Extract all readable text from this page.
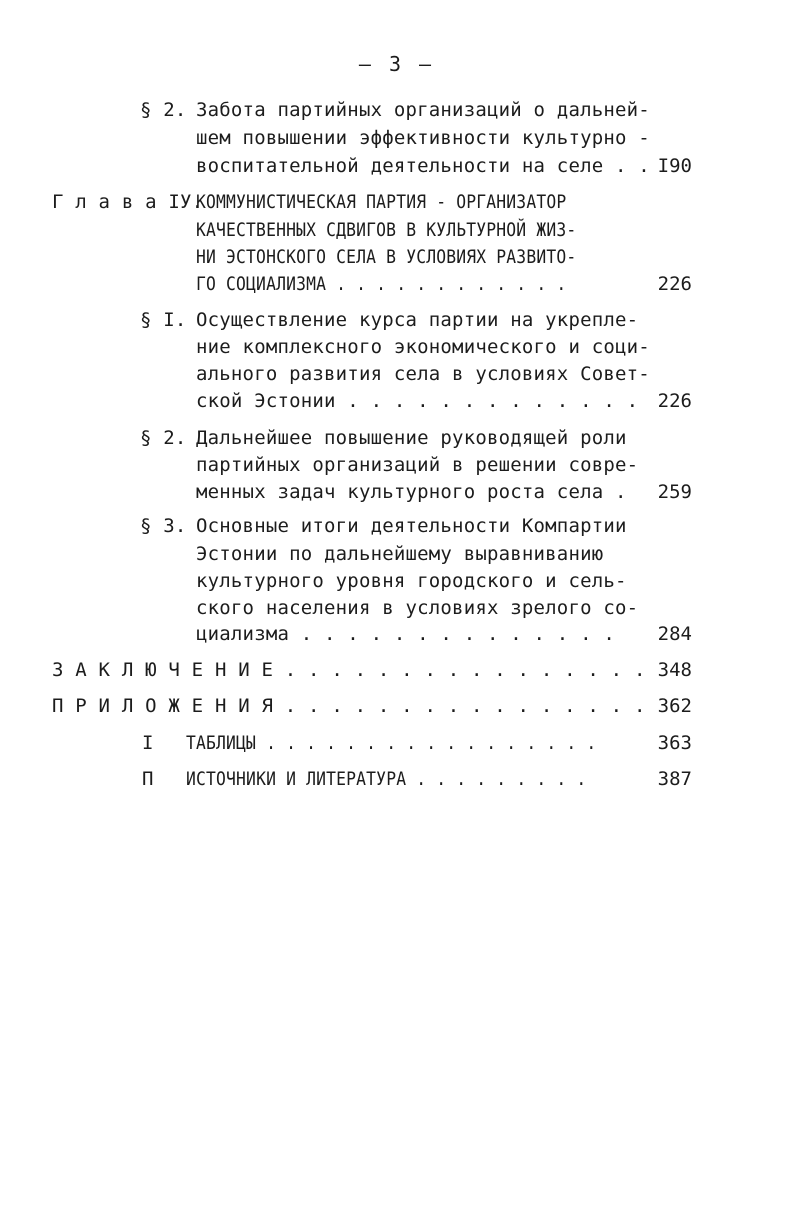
– 3 –
§ 2. Забота партийных организаций о дальней-
шем повышении эффективности культурно -
воспитательной деятельности на селе . . I90
Г л а в а IУ.
КОММУНИСТИЧЕСКАЯ ПАРТИЯ - ОРГАНИЗАТОР
КАЧЕСТВЕННЫХ СДВИГОВ В КУЛЬТУРНОЙ ЖИЗ-
НИ ЭСТОНСКОГО СЕЛА В УСЛОВИЯХ РАЗВИТО-
ГО СОЦИАЛИЗМА . . . . . . . . . . . .	226
§ I. Осуществление курса партии на укрепле-
ние комплексного экономического и соци-
ального развития села в условиях Совет-
ской Эстонии . . . . . . . . . . . . .	226
§ 2. Дальнейшее повышение руководящей роли
партийных организаций в решении совре-
менных задач культурного роста села .	259
§ 3. Основные итоги деятельности Компартии
Эстонии по дальнейшему выравниванию
культурного уровня городского и сель-
ского населения в условиях зрелого со-
циализма . . . . . . . . . . . . . .	284
З А К Л Ю Ч Е Н И Е . . . . . . . . . . . . . . . . 348
П Р И Л О Ж Е Н И Я . . . . . . . . . . . . . . . . 362
I ТАБЛИЦЫ . . . . . . . . . . . . . . . . .	363
П ИСТОЧНИКИ И ЛИТЕРАТУРА . . . . . . . . .	387
